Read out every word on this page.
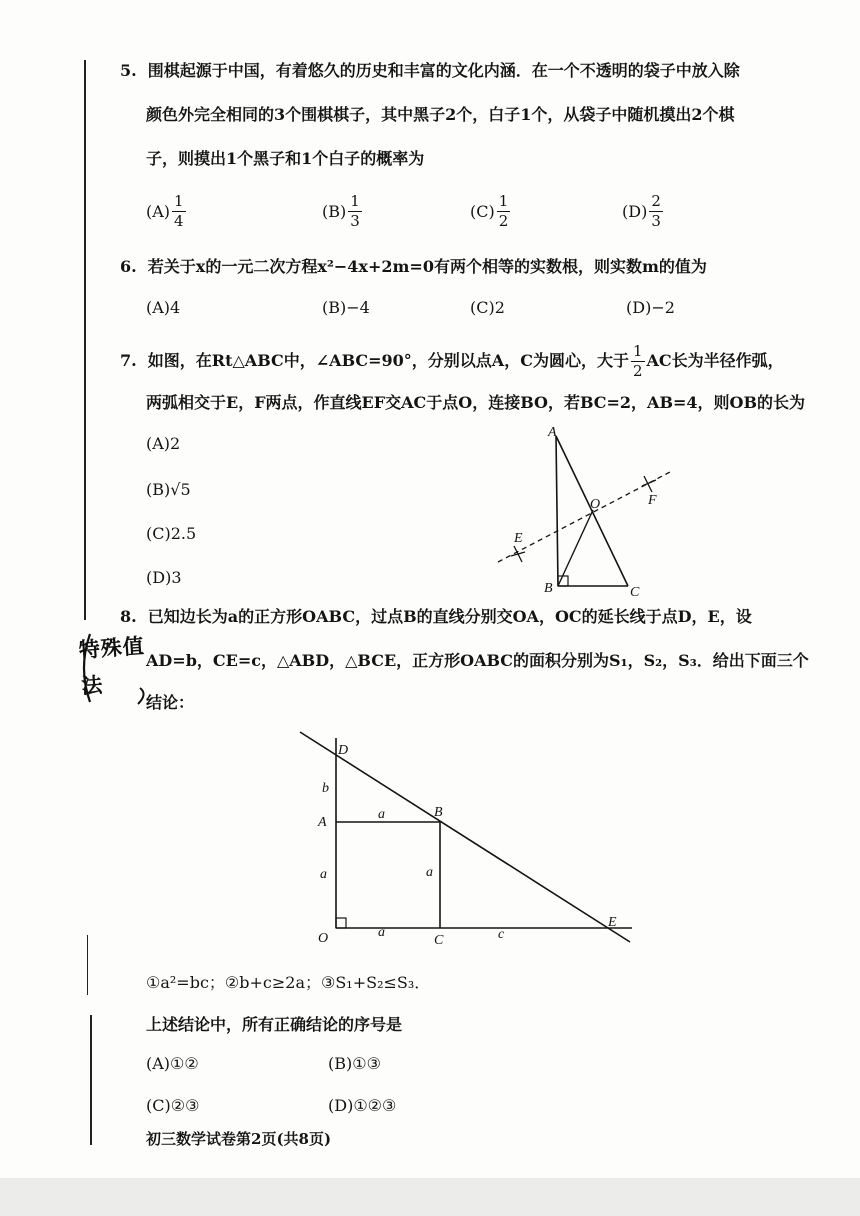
特殊值法
5. 围棋起源于中国，有着悠久的历史和丰富的文化内涵．在一个不透明的袋子中放入除
颜色外完全相同的3个围棋棋子，其中黑子2个，白子1个，从袋子中随机摸出2个棋
子，则摸出1个黑子和1个白子的概率为
$(A) \frac{1}{4}$	$(B) \frac{1}{3}$	$(C) \frac{1}{2}$	$(D) \frac{2}{3}$
6. 若关于x的一元二次方程x²−4x+2m=0有两个相等的实数根，则实数m的值为
(A)4	(B)−4	(C)2	(D)−2
7. 如图，在Rt△ABC中，∠ABC=90°，分别以点A，C为圆心，大于 $\frac{1}{2}$ AC长为半径作弧，
两弧相交于E，F两点，作直线EF交AC于点O，连接BO，若BC=2，AB=4，则OB的长为
(A)2
(B)√5
(C)2.5
(D)3
A
O	F
E
B	C
8. 已知边长为a的正方形OABC，过点B的直线分别交OA，OC的延长线于点D，E，设
AD=b，CE=c，△ABD，△BCE，正方形OABC的面积分别为S₁，S₂，S₃．给出下面三个
结论：
D
b
A
a	B
a	a
O	a
C	c
E
①a²=bc；②b+c≥2a；③S₁+S₂≤S₃．
上述结论中，所有正确结论的序号是
(A)①②	(B)①③
(C)②③	(D)①②③
初三数学试卷第2页(共8页)
